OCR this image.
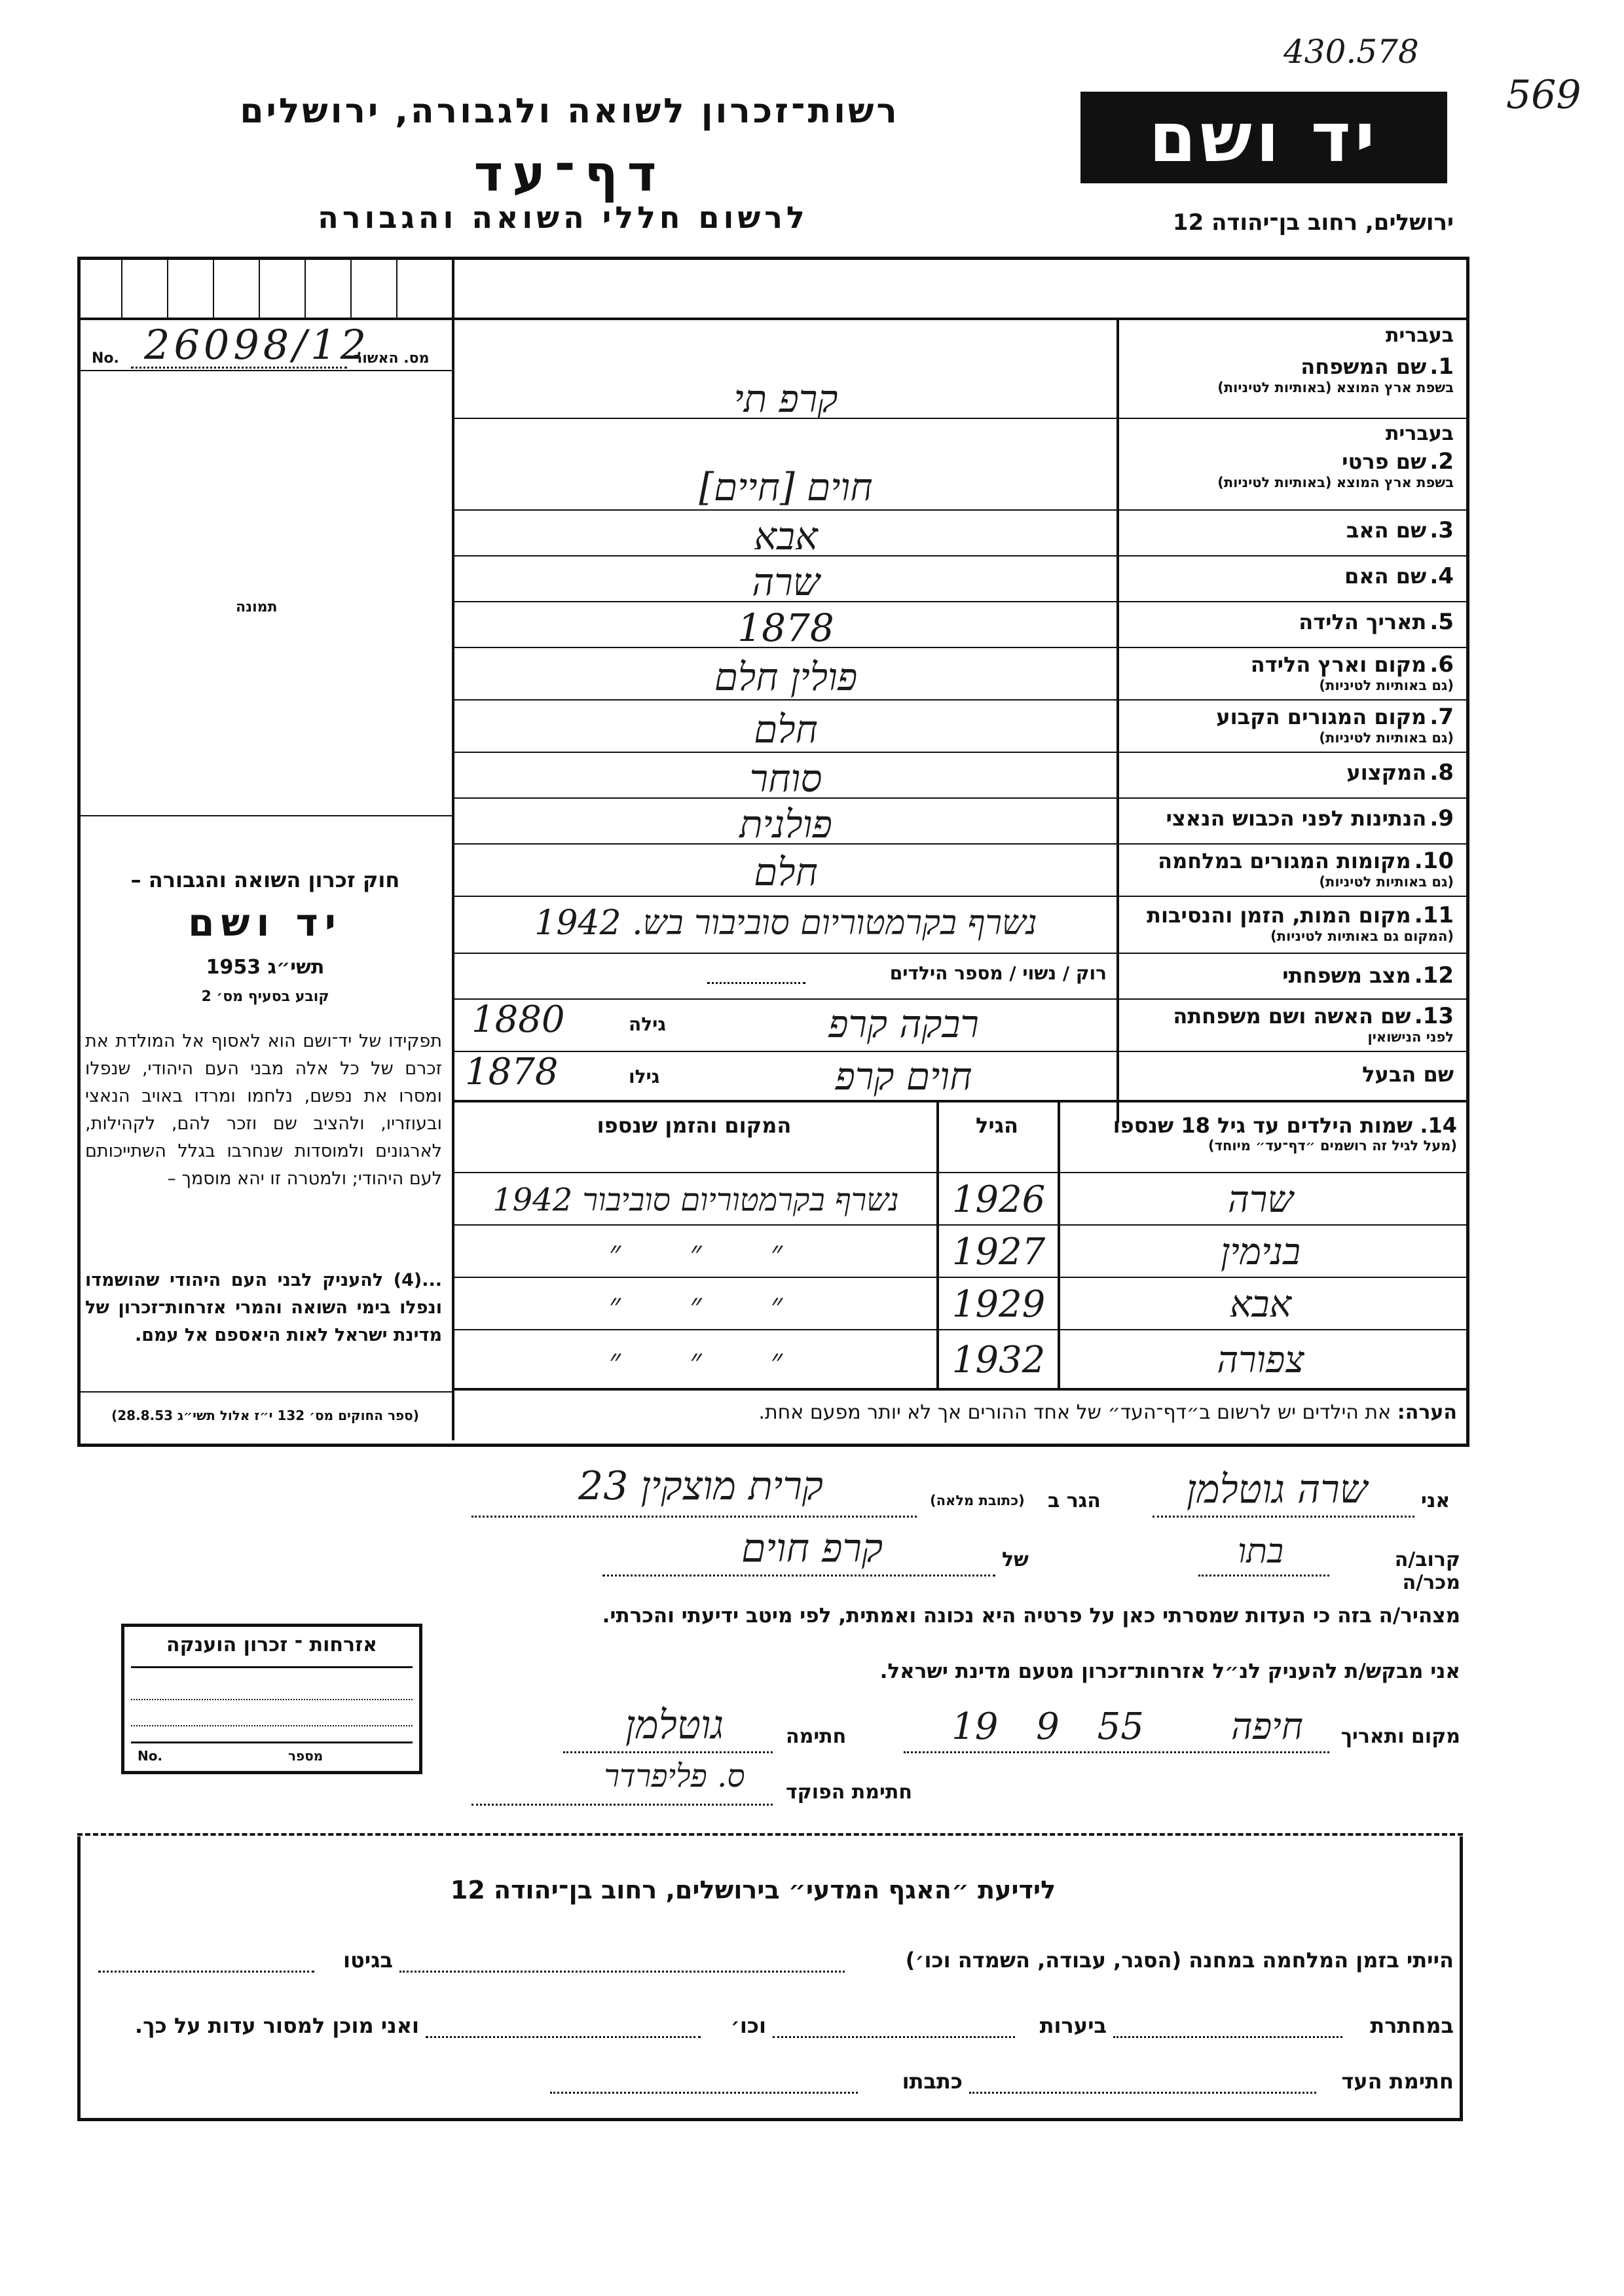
430.578
569
רשות־זכרון לשואה ולגבורה, ירושלים
דף־עד
לרשום חללי השואה והגבורה
יד ושם
ירושלים, רחוב בן־יהודה 12
No.	מס. האשור
26098/12
תמונה
בעברית
בעברית
1. שם המשפחה
בשפת ארץ המוצא (באותיות לטיניות)
2. שם פרטי
בשפת ארץ המוצא (באותיות לטיניות)
3. שם האב
4. שם האם
5. תאריך הלידה
6. מקום וארץ הלידה
(גם באותיות לטיניות)
7. מקום המגורים הקבוע
(גם באותיות לטיניות)
8. המקצוע
9. הנתינות לפני הכבוש הנאצי
10. מקומות המגורים במלחמה
(גם באותיות לטיניות)
11. מקום המות, הזמן והנסיבות
(המקום גם באותיות לטיניות)
12. מצב משפחתי
13. שם האשה ושם משפחתה
לפני הנישואין
שם הבעל
קרפ תי
חוים [חיים]
אבא
שרה
1878
פולין חלם
חלם
סוחר
פולנית
חלם
נשרף בקרמטוריום סוביבור בש. 1942
רוק / נשוי / מספר הילדים
רבקה קרפ
גילה
1880
חוים קרפ
גילו
1878
חוק זכרון השואה והגבורה –
יד ושם
תשי״ג 1953
קובע בסעיף מס׳ 2
תפקידו של יד־ושם הוא לאסוף אל המולדת את זכרם של כל אלה מבני העם היהודי, שנפלו ומסרו את נפשם, נלחמו ומרדו באויב הנאצי ובעוזריו, ולהציב שם וזכר להם, לקהילות, לארגונים ולמוסדות שנחרבו בגלל השתייכותם לעם היהודי; ולמטרה זו יהא מוסמך –
...(4) להעניק לבני העם היהודי שהושמדו ונפלו בימי השואה והמרי אזרחות־זכרון של מדינת ישראל לאות היאספם אל עמם.
(ספר החוקים מס׳ 132 י״ז אלול תשי״ג 28.8.53)
14. שמות הילדים עד גיל 18 שנספו
(מעל לגיל זה רושמים ״דף־עד״ מיוחד)
הגיל
המקום והזמן שנספו
שרה
1926
נשרף בקרמטוריום סוביבור 1942
בנימין
1927
״ ״ ״
אבא
1929
״ ״ ״
צפורה
1932
״ ״ ״
הערה: את הילדים יש לרשום ב״דף־העד״ של אחד ההורים אך לא יותר מפעם אחת.
אני
שרה גוטלמן
הגר ב
(כתובת מלאה)
קרית מוצקין 23
קרוב/ה מכר/ה
בתו
של
קרפ חוים
מצהיר/ה בזה כי העדות שמסרתי כאן על פרטיה היא נכונה ואמתית, לפי מיטב ידיעתי והכרתי.
אני מבקש/ת להעניק לנ״ל אזרחות־זכרון מטעם מדינת ישראל.
מקום ותאריך
חיפה
19 9 55
חתימה
גוטלמן
חתימת הפוקד
ס. פליפרדר
אזרחות ־ זכרון הוענקה
מספר
No.
לידיעת ״האגף המדעי״ בירושלים, רחוב בן־יהודה 12
הייתי בזמן המלחמה במחנה (הסגר, עבודה, השמדה וכו׳)
בגיטו
במחתרת
ביערות
וכו׳
ואני מוכן למסור עדות על כך.
חתימת העד
כתבתו
